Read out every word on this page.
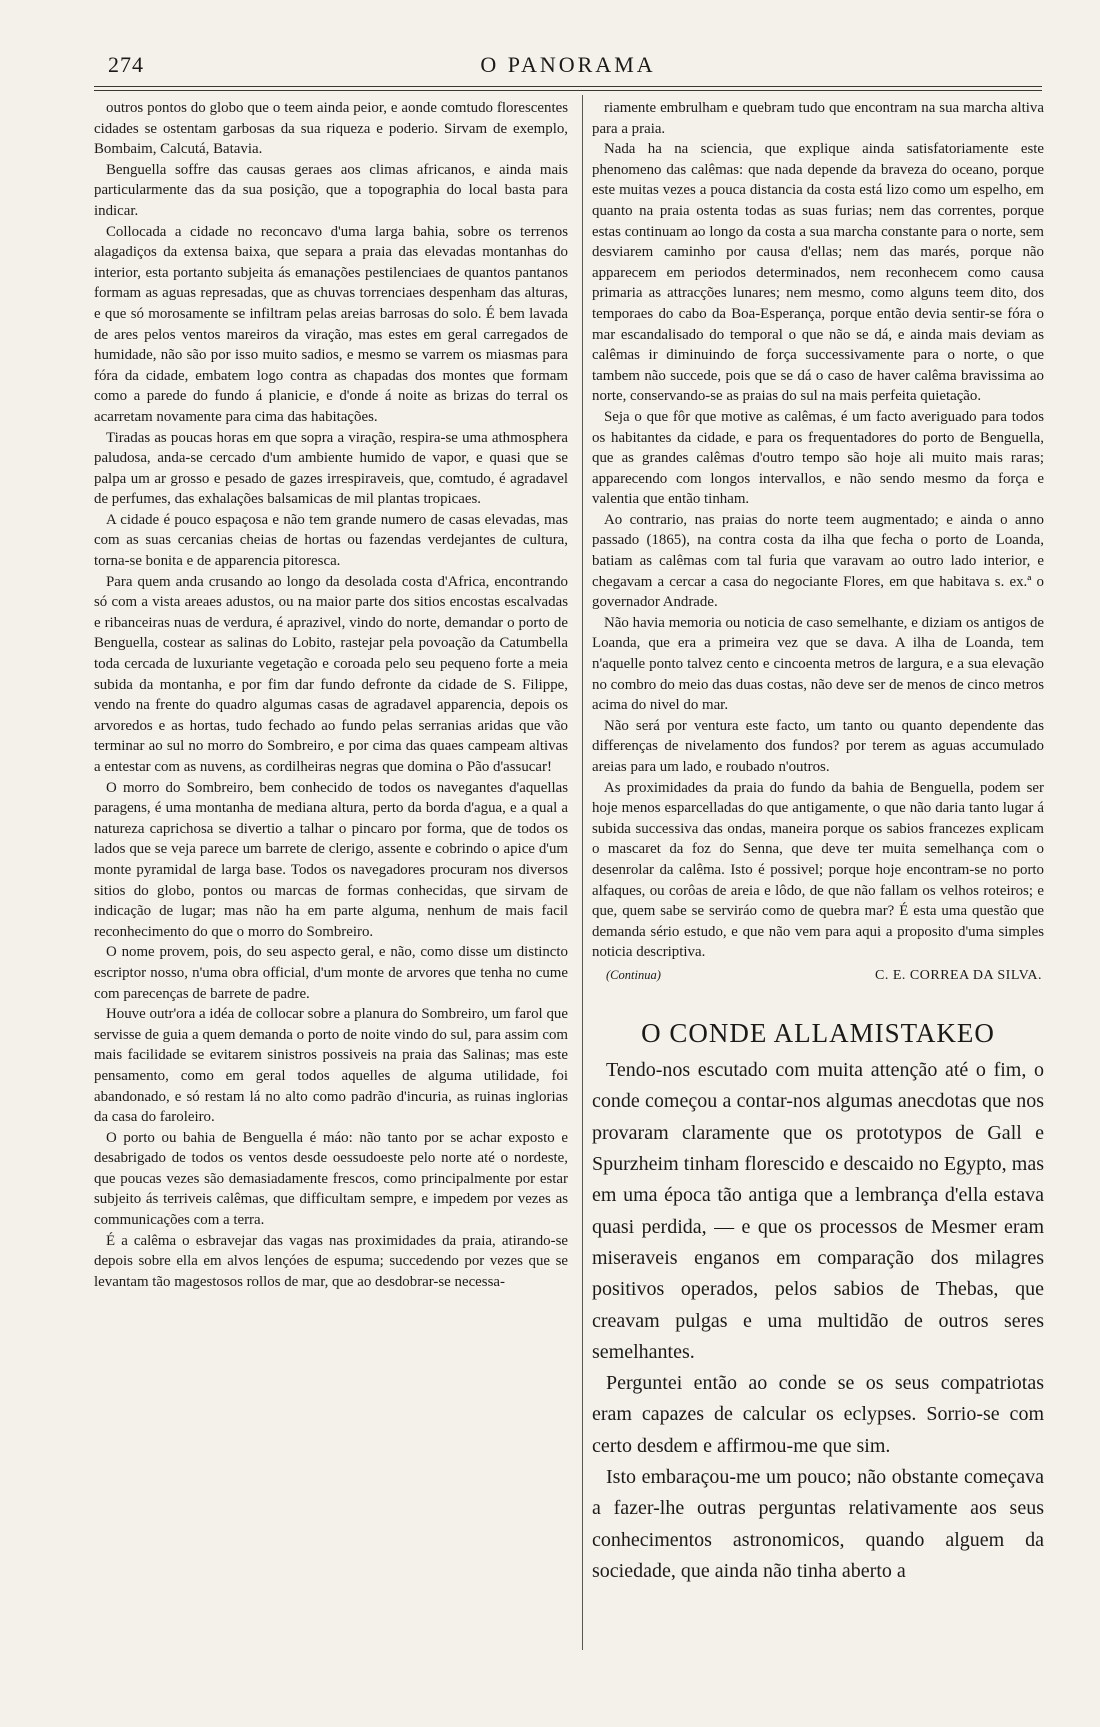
274	O PANORAMA

outros pontos do globo que o teem ainda peior, e aonde comtudo florescentes cidades se ostentam garbosas da sua riqueza e poderio. Sirvam de exemplo, Bombaim, Calcutá, Batavia.

Benguella soffre das causas geraes aos climas africanos, e ainda mais particularmente das da sua posição, que a topographia do local basta para indicar.

Collocada a cidade no reconcavo d'uma larga bahia, sobre os terrenos alagadiços da extensa baixa, que separa a praia das elevadas montanhas do interior, esta portanto subjeita ás emanações pestilenciaes de quantos pantanos formam as aguas represadas, que as chuvas torrenciaes despenham das alturas, e que só morosamente se infiltram pelas areias barrosas do solo. É bem lavada de ares pelos ventos mareiros da viração, mas estes em geral carregados de humidade, não são por isso muito sadios, e mesmo se varrem os miasmas para fóra da cidade, embatem logo contra as chapadas dos montes que formam como a parede do fundo á planicie, e d'onde á noite as brizas do terral os acarretam novamente para cima das habitações.

Tiradas as poucas horas em que sopra a viração, respira-se uma athmosphera paludosa, anda-se cercado d'um ambiente humido de vapor, e quasi que se palpa um ar grosso e pesado de gazes irrespiraveis, que, comtudo, é agradavel de perfumes, das exhalações balsamicas de mil plantas tropicaes.

A cidade é pouco espaçosa e não tem grande numero de casas elevadas, mas com as suas cercanias cheias de hortas ou fazendas verdejantes de cultura, torna-se bonita e de apparencia pitoresca.

Para quem anda crusando ao longo da desolada costa d'Africa, encontrando só com a vista areaes adustos, ou na maior parte dos sitios encostas escalvadas e ribanceiras nuas de verdura, é aprazivel, vindo do norte, demandar o porto de Benguella, costear as salinas do Lobito, rastejar pela povoação da Catumbella toda cercada de luxuriante vegetação e coroada pelo seu pequeno forte a meia subida da montanha, e por fim dar fundo defronte da cidade de S. Filippe, vendo na frente do quadro algumas casas de agradavel apparencia, depois os arvoredos e as hortas, tudo fechado ao fundo pelas serranias aridas que vão terminar ao sul no morro do Sombreiro, e por cima das quaes campeam altivas a entestar com as nuvens, as cordilheiras negras que domina o Pão d'assucar!

O morro do Sombreiro, bem conhecido de todos os navegantes d'aquellas paragens, é uma montanha de mediana altura, perto da borda d'agua, e a qual a natureza caprichosa se divertio a talhar o pincaro por forma, que de todos os lados que se veja parece um barrete de clerigo, assente e cobrindo o apice d'um monte pyramidal de larga base. Todos os navegadores procuram nos diversos sitios do globo, pontos ou marcas de formas conhecidas, que sirvam de indicação de lugar; mas não ha em parte alguma, nenhum de mais facil reconhecimento do que o morro do Sombreiro.

O nome provem, pois, do seu aspecto geral, e não, como disse um distincto escriptor nosso, n'uma obra official, d'um monte de arvores que tenha no cume com parecenças de barrete de padre.

Houve outr'ora a idéa de collocar sobre a planura do Sombreiro, um farol que servisse de guia a quem demanda o porto de noite vindo do sul, para assim com mais facilidade se evitarem sinistros possiveis na praia das Salinas; mas este pensamento, como em geral todos aquelles de alguma utilidade, foi abandonado, e só restam lá no alto como padrão d'incuria, as ruinas inglorias da casa do faroleiro.

O porto ou bahia de Benguella é máo: não tanto por se achar exposto e desabrigado de todos os ventos desde oessudoeste pelo norte até o nordeste, que poucas vezes são demasiadamente frescos, como principalmente por estar subjeito ás terriveis calêmas, que difficultam sempre, e impedem por vezes as communicações com a terra.

É a calêma o esbravejar das vagas nas proximidades da praia, atirando-se depois sobre ella em alvos lençóes de espuma; succedendo por vezes que se levantam tão magestosos rollos de mar, que ao desdobrar-se necessa-

riamente embrulham e quebram tudo que encontram na sua marcha altiva para a praia.

Nada ha na sciencia, que explique ainda satisfatoriamente este phenomeno das calêmas: que nada depende da braveza do oceano, porque este muitas vezes a pouca distancia da costa está lizo como um espelho, em quanto na praia ostenta todas as suas furias; nem das correntes, porque estas continuam ao longo da costa a sua marcha constante para o norte, sem desviarem caminho por causa d'ellas; nem das marés, porque não apparecem em periodos determinados, nem reconhecem como causa primaria as attracções lunares; nem mesmo, como alguns teem dito, dos temporaes do cabo da Boa-Esperança, porque então devia sentir-se fóra o mar escandalisado do temporal o que não se dá, e ainda mais deviam as calêmas ir diminuindo de força successivamente para o norte, o que tambem não succede, pois que se dá o caso de haver calêma bravissima ao norte, conservando-se as praias do sul na mais perfeita quietação.

Seja o que fôr que motive as calêmas, é um facto averiguado para todos os habitantes da cidade, e para os frequentadores do porto de Benguella, que as grandes calêmas d'outro tempo são hoje ali muito mais raras; apparecendo com longos intervallos, e não sendo mesmo da força e valentia que então tinham.

Ao contrario, nas praias do norte teem augmentado; e ainda o anno passado (1865), na contra costa da ilha que fecha o porto de Loanda, batiam as calêmas com tal furia que varavam ao outro lado interior, e chegavam a cercar a casa do negociante Flores, em que habitava s. ex.ª o governador Andrade.

Não havia memoria ou noticia de caso semelhante, e diziam os antigos de Loanda, que era a primeira vez que se dava. A ilha de Loanda, tem n'aquelle ponto talvez cento e cincoenta metros de largura, e a sua elevação no combro do meio das duas costas, não deve ser de menos de cinco metros acima do nivel do mar.

Não será por ventura este facto, um tanto ou quanto dependente das differenças de nivelamento dos fundos? por terem as aguas accumulado areias para um lado, e roubado n'outros.

As proximidades da praia do fundo da bahia de Benguella, podem ser hoje menos esparcelladas do que antigamente, o que não daria tanto lugar á subida successiva das ondas, maneira porque os sabios francezes explicam o mascaret da foz do Senna, que deve ter muita semelhança com o desenrolar da calêma. Isto é possivel; porque hoje encontram-se no porto alfaques, ou corôas de areia e lôdo, de que não fallam os velhos roteiros; e que, quem sabe se serviráo como de quebra mar? É esta uma questão que demanda sério estudo, e que não vem para aqui a proposito d'uma simples noticia descriptiva.

(Continua)	C. E. CORREA DA SILVA.
O CONDE ALLAMISTAKEO

Tendo-nos escutado com muita attenção até o fim, o conde começou a contar-nos algumas anecdotas que nos provaram claramente que os prototypos de Gall e Spurzheim tinham florescido e descaido no Egypto, mas em uma época tão antiga que a lembrança d'ella estava quasi perdida, — e que os processos de Mesmer eram miseraveis enganos em comparação dos milagres positivos operados, pelos sabios de Thebas, que creavam pulgas e uma multidão de outros seres semelhantes.

Perguntei então ao conde se os seus compatriotas eram capazes de calcular os eclypses. Sorrio-se com certo desdem e affirmou-me que sim.

Isto embaraçou-me um pouco; não obstante começava a fazer-lhe outras perguntas relativamente aos seus conhecimentos astronomicos, quando alguem da sociedade, que ainda não tinha aberto a
